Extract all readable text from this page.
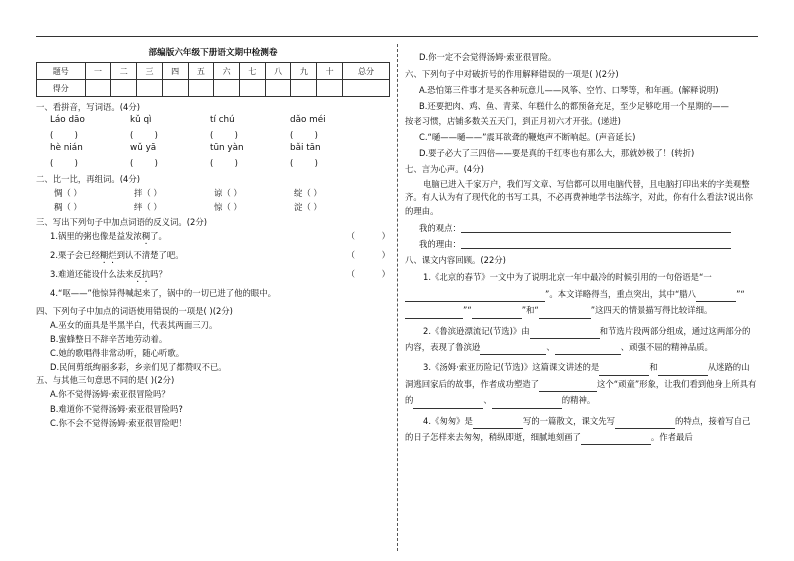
部编版六年级下册语文期中检测卷
题号	一	二	三	四	五	六	七	八	九	十	总分
得分											
一、看拼音，写词语。(4分)
Láo dāo	kǔ qì	tí chú	dǎo méi
(        )	(        )	(        )	(        )
hè nián	wǔ yā	tūn yàn	bǎi tān
(        )	(        )	(        )	(        )
二、比一比，再组词。(4分)
惆（ ）	拌（ ）	谅（ ）	绽（ ）
稠（ ）	绊（ ）	惊（ ）	淀（ ）
三、写出下列句子中加点词语的反义词。(2分)
1.锅里的粥也像是益发浓稠了。	（          ）
2.栗子会已经糊烂到认不清楚了吧。	（          ）
3.难道还能设什么法来反抗吗？	（          ）
4.“呕——”他惊异得喊起来了，锅中的一切已进了他的眼中。
四、下列句子中加点的词语使用错误的一项是( )(2分)
A.巫女的面具是半黑半白，代表其两面三刀。
B.蜜蜂整日不辞辛苦地劳动着。
C.她的歌唱得非常动听，随心听歌。
D.民间剪纸绚丽多彩，乡亲们见了都赞叹不已。
五、与其他三句意思不同的是( )(2分)
A.你不觉得汤姆·索亚很冒险吗？
B.难道你不觉得汤姆·索亚很冒险吗?
C.你不会不觉得汤姆·索亚很冒险吧！
D.你一定不会觉得汤姆·索亚很冒险。
六、下列句子中对破折号的作用解释错误的一项是( )(2分)
A.恐怕第三件事才是买各种玩意儿——风筝、空竹、口琴等，和年画。(解释说明)
B.还要把肉、鸡、鱼、青菜、年糕什么的都预备充足，至少足够吃用一个星期的——
按老习惯，店铺多数关五天门，到正月初六才开张。(递进)
C.“嗵——嗵——”震耳欲聋的鞭炮声不断响起。(声音延长)
D.要子必大了三四倍——要是真的千红枣也有那么大，那就妙极了！(转折)
七、言为心声。(4分)
电脑已进入千家万户，我们写文章、写信都可以用电脑代替，且电脑打印出来的字美观整齐。有人认为有了现代化的书写工具，不必再费神地学书法练字，对此，你有什么看法?说出你的理由。
我的观点：
我的理由：
八、课文内容回顾。(22分)
1.《北京的春节》一文中为了说明北京一年中最冷的时候引用的一句俗语是“一”。本文详略得当，重点突出，其中“腊八	”“”“	”和“	”这四天的情景描写得比较详细。
2.《鲁滨逊漂流记(节选)》由	和节选片段两部分组成，通过这两部分的内容，表现了鲁滨逊	、	、顽强不屈的精神品质。
3.《汤姆·索亚历险记(节选)》这篇课文讲述的是	和	从迷路的山洞逃回家后的故事，作者成功塑造了	这个“顽童”形象，让我们看到他身上所具有的	、	的精神。
4.《匆匆》是	写的一篇散文，课文先写	的特点，接着写自己的日子怎样来去匆匆，稍纵即逝，细腻地刻画了	。作者最后
